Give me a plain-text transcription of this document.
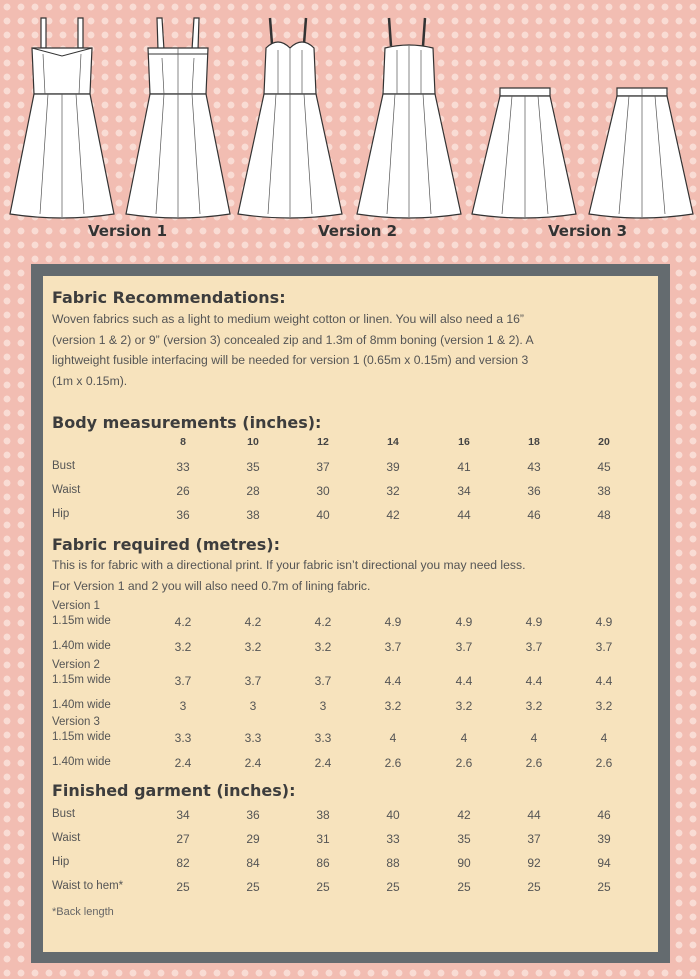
Version 1	Version 2	Version 3
Fabric Recommendations:
Woven fabrics such as a light to medium weight cotton or linen. You will also need a 16”
(version 1 & 2) or 9” (version 3) concealed zip and 1.3m of 8mm boning (version 1 & 2). A
lightweight fusible interfacing will be needed for version 1 (0.65m x 0.15m) and version 3
(1m x 0.15m).
Body measurements (inches):
8	10	12	14	16	18	20
Bust	33	35	37	39	41	43	45
Waist	26	28	30	32	34	36	38
Hip	36	38	40	42	44	46	48
Fabric required (metres):
This is for fabric with a directional print. If your fabric isn’t directional you may need less.
For Version 1 and 2 you will also need 0.7m of lining fabric.
Version 1
1.15m wide	4.2	4.2	4.2	4.9	4.9	4.9	4.9
1.40m wide	3.2	3.2	3.2	3.7	3.7	3.7	3.7
Version 2
1.15m wide	3.7	3.7	3.7	4.4	4.4	4.4	4.4
1.40m wide	3	3	3	3.2	3.2	3.2	3.2
Version 3
1.15m wide	3.3	3.3	3.3	4	4	4	4
1.40m wide	2.4	2.4	2.4	2.6	2.6	2.6	2.6
Finished garment (inches):
Bust	34	36	38	40	42	44	46
Waist	27	29	31	33	35	37	39
Hip	82	84	86	88	90	92	94
Waist to hem*	25	25	25	25	25	25	25
*Back length
